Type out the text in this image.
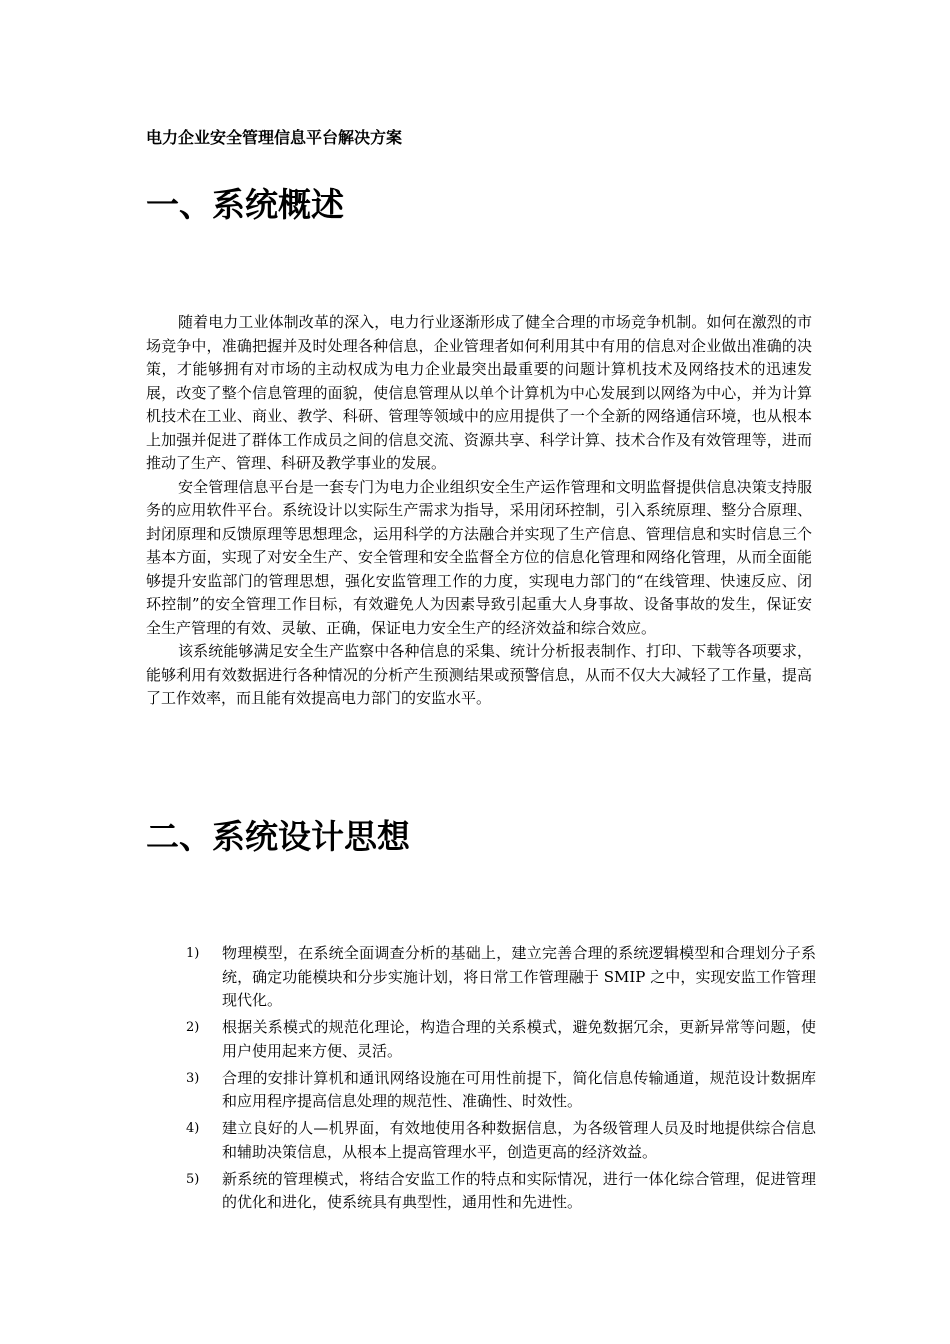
电力企业安全管理信息平台解决方案

一、系统概述

随着电力工业体制改革的深入，电力行业逐渐形成了健全合理的市场竞争机制。如何在激烈的市场竞争中，准确把握并及时处理各种信息，企业管理者如何利用其中有用的信息对企业做出准确的决策，才能够拥有对市场的主动权成为电力企业最突出最重要的问题计算机技术及网络技术的迅速发展，改变了整个信息管理的面貌，使信息管理从以单个计算机为中心发展到以网络为中心，并为计算机技术在工业、商业、教学、科研、管理等领域中的应用提供了一个全新的网络通信环境，也从根本上加强并促进了群体工作成员之间的信息交流、资源共享、科学计算、技术合作及有效管理等，进而推动了生产、管理、科研及教学事业的发展。

安全管理信息平台是一套专门为电力企业组织安全生产运作管理和文明监督提供信息决策支持服务的应用软件平台。系统设计以实际生产需求为指导，采用闭环控制，引入系统原理、整分合原理、封闭原理和反馈原理等思想理念，运用科学的方法融合并实现了生产信息、管理信息和实时信息三个基本方面，实现了对安全生产、安全管理和安全监督全方位的信息化管理和网络化管理，从而全面能够提升安监部门的管理思想，强化安监管理工作的力度，实现电力部门的“在线管理、快速反应、闭环控制”的安全管理工作目标，有效避免人为因素导致引起重大人身事故、设备事故的发生，保证安全生产管理的有效、灵敏、正确，保证电力安全生产的经济效益和综合效应。

该系统能够满足安全生产监察中各种信息的采集、统计分析报表制作、打印、下载等各项要求，能够利用有效数据进行各种情况的分析产生预测结果或预警信息，从而不仅大大减轻了工作量，提高了工作效率，而且能有效提高电力部门的安监水平。

二、系统设计思想
1) 物理模型，在系统全面调查分析的基础上，建立完善合理的系统逻辑模型和合理划分子系统，确定功能模块和分步实施计划，将日常工作管理融于 SMIP 之中，实现安监工作管理现代化。
2) 根据关系模式的规范化理论，构造合理的关系模式，避免数据冗余，更新异常等问题，使用户使用起来方便、灵活。
3) 合理的安排计算机和通讯网络设施在可用性前提下，简化信息传输通道，规范设计数据库和应用程序提高信息处理的规范性、准确性、时效性。
4) 建立良好的人—机界面，有效地使用各种数据信息，为各级管理人员及时地提供综合信息和辅助决策信息，从根本上提高管理水平，创造更高的经济效益。
5) 新系统的管理模式，将结合安监工作的特点和实际情况，进行一体化综合管理，促进管理的优化和进化，使系统具有典型性，通用性和先进性。
